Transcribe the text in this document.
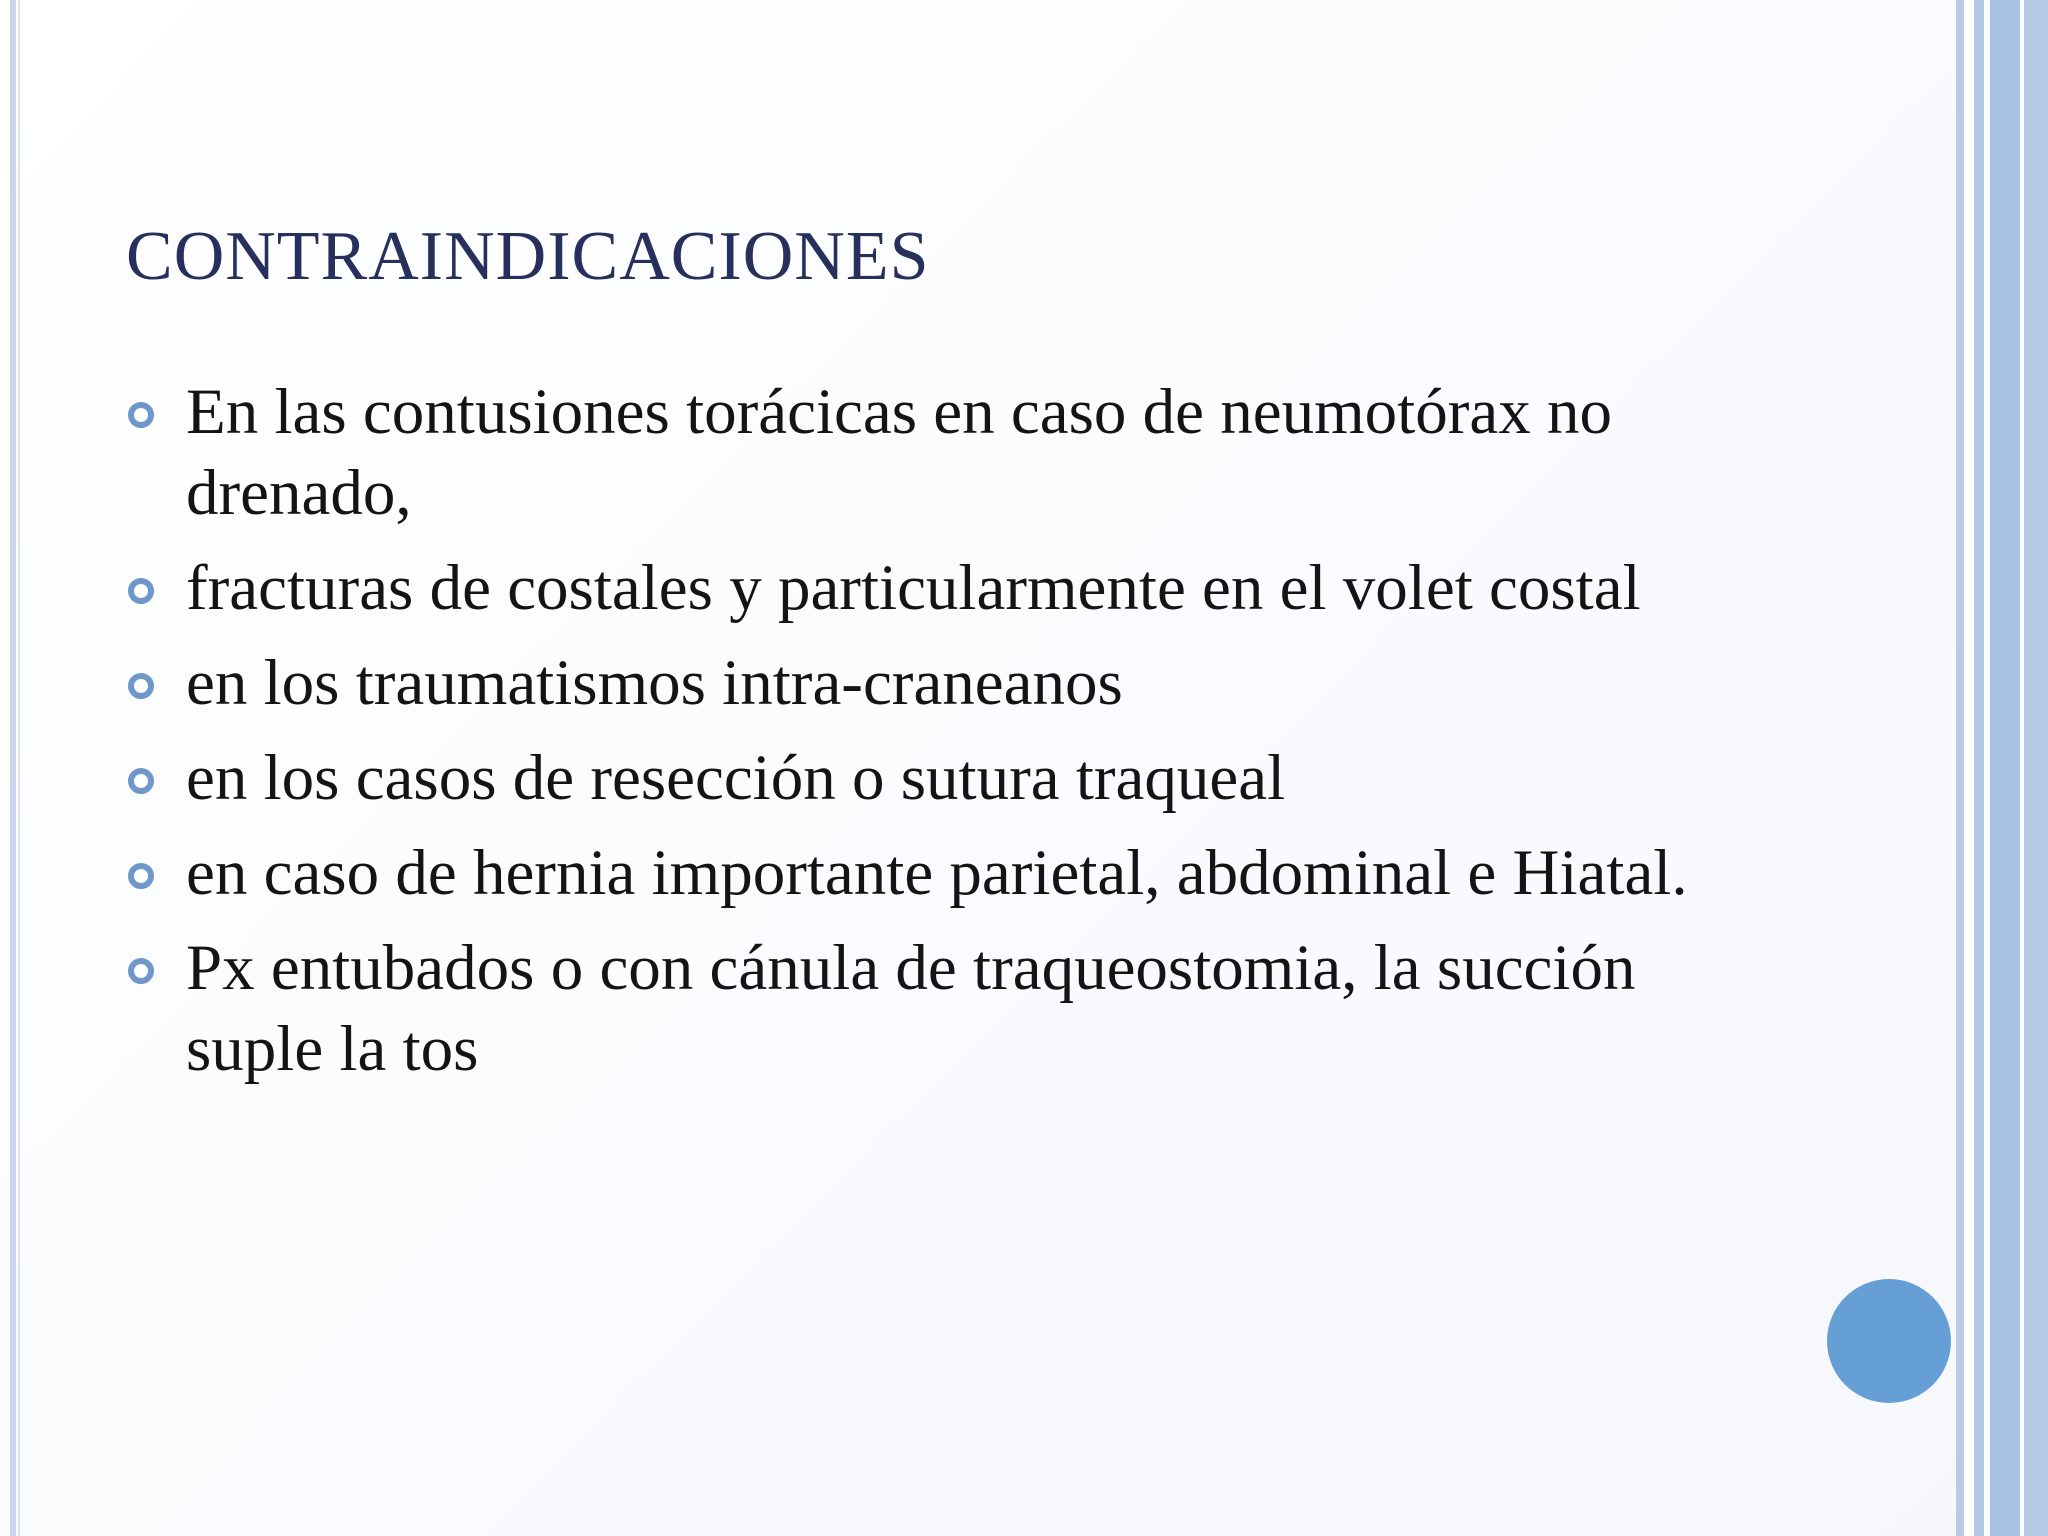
CONTRAINDICACIONES
En las contusiones torácicas en caso de neumotórax no drenado,
fracturas de costales y particularmente en el volet costal
en los traumatismos intra-craneanos
en los casos de resección o sutura traqueal
en caso de hernia importante parietal, abdominal e Hiatal.
Px entubados o con cánula de traqueostomia, la succión suple la tos
